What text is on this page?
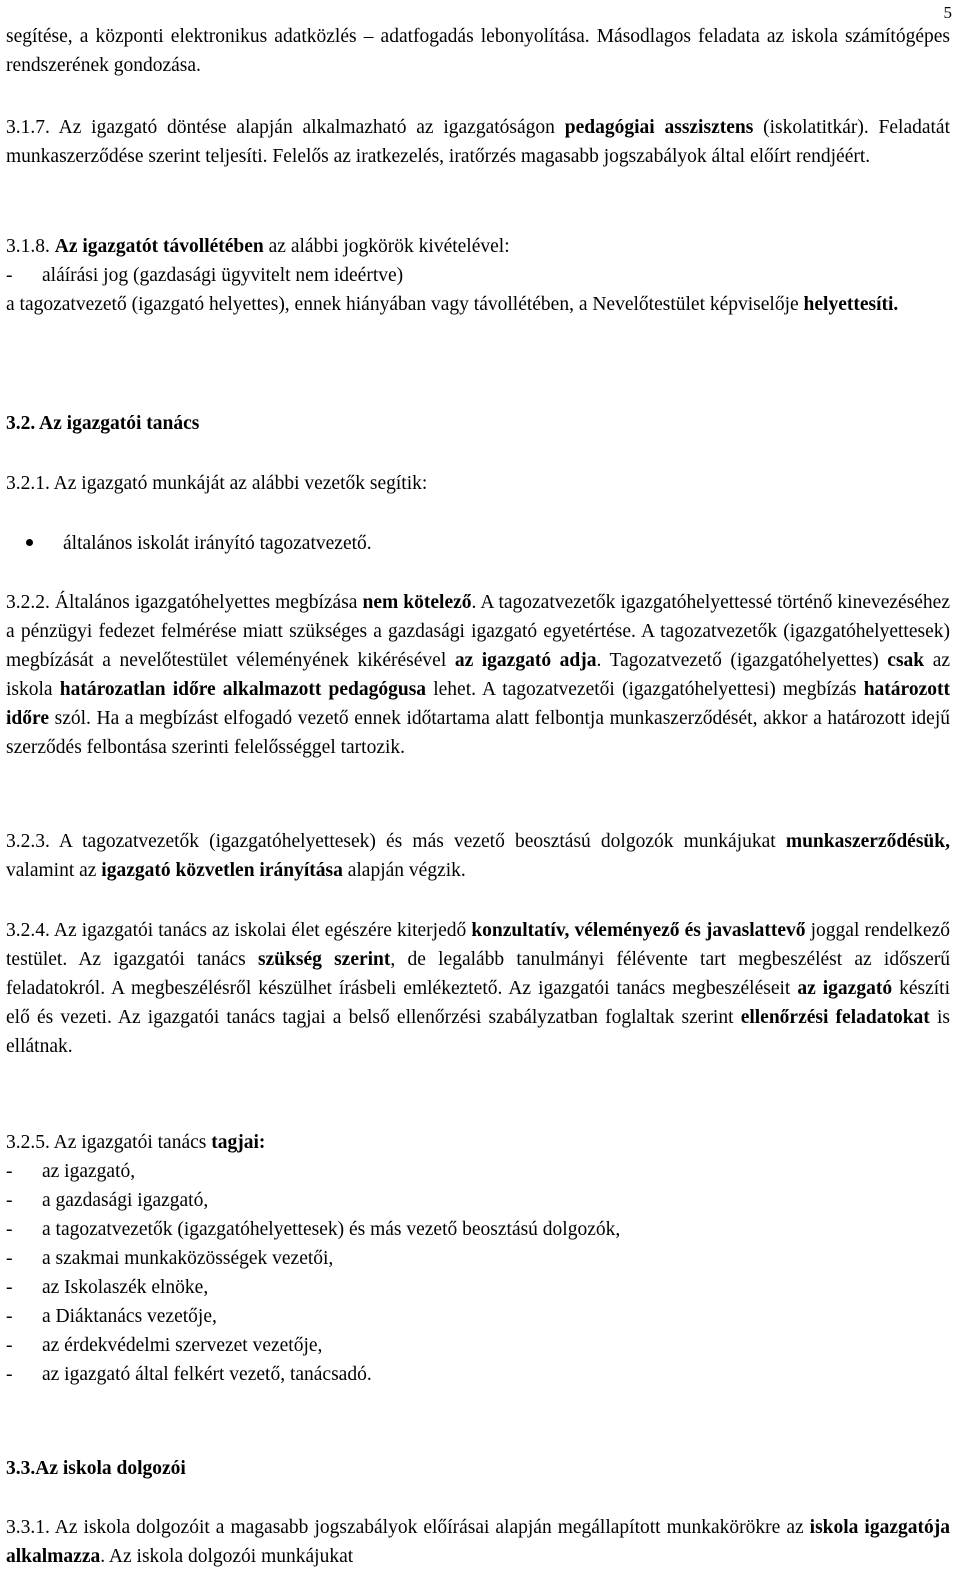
5

segítése, a központi elektronikus adatközlés – adatfogadás lebonyolítása. Másodlagos feladata az iskola számítógépes rendszerének gondozása.

3.1.7. Az igazgató döntése alapján alkalmazható az igazgatóságon pedagógiai asszisztens (iskolatitkár). Feladatát munkaszerződése szerint teljesíti. Felelős az iratkezelés, iratőrzés magasabb jogszabályok által előírt rendjéért.

3.1.8. Az igazgatót távollétében az alábbi jogkörök kivételével:

- aláírási jog (gazdasági ügyvitelt nem ideértve)

a tagozatvezető (igazgató helyettes), ennek hiányában vagy távollétében, a Nevelőtestület képviselője helyettesíti.

3.2. Az igazgatói tanács

3.2.1. Az igazgató munkáját az alábbi vezetők segítik:

általános iskolát irányító tagozatvezető.

3.2.2. Általános igazgatóhelyettes megbízása nem kötelező. A tagozatvezetők igazgatóhelyettessé történő kinevezéséhez a pénzügyi fedezet felmérése miatt szükséges a gazdasági igazgató egyetértése. A tagozatvezetők (igazgatóhelyettesek) megbízását a nevelőtestület véleményének kikérésével az igazgató adja. Tagozatvezető (igazgatóhelyettes) csak az iskola határozatlan időre alkalmazott pedagógusa lehet. A tagozatvezetői (igazgatóhelyettesi) megbízás határozott időre szól. Ha a megbízást elfogadó vezető ennek időtartama alatt felbontja munkaszerződését, akkor a határozott idejű szerződés felbontása szerinti felelősséggel tartozik.

3.2.3. A tagozatvezetők (igazgatóhelyettesek) és más vezető beosztású dolgozók munkájukat munkaszerződésük, valamint az igazgató közvetlen irányítása alapján végzik.

3.2.4. Az igazgatói tanács az iskolai élet egészére kiterjedő konzultatív, véleményező és javaslattevő joggal rendelkező testület. Az igazgatói tanács szükség szerint, de legalább tanulmányi félévente tart megbeszélést az időszerű feladatokról. A megbeszélésről készülhet írásbeli emlékeztető. Az igazgatói tanács megbeszéléseit az igazgató készíti elő és vezeti. Az igazgatói tanács tagjai a belső ellenőrzési szabályzatban foglaltak szerint ellenőrzési feladatokat is ellátnak.

3.2.5. Az igazgatói tanács tagjai:

- az igazgató,
- a gazdasági igazgató,
- a tagozatvezetők (igazgatóhelyettesek) és más vezető beosztású dolgozók,
- a szakmai munkaközösségek vezetői,
- az Iskolaszék elnöke,
- a Diáktanács vezetője,
- az érdekvédelmi szervezet vezetője,
- az igazgató által felkért vezető, tanácsadó.

3.3.Az iskola dolgozói

3.3.1. Az iskola dolgozóit a magasabb jogszabályok előírásai alapján megállapított munkakörökre az iskola igazgatója alkalmazza. Az iskola dolgozói munkájukat
